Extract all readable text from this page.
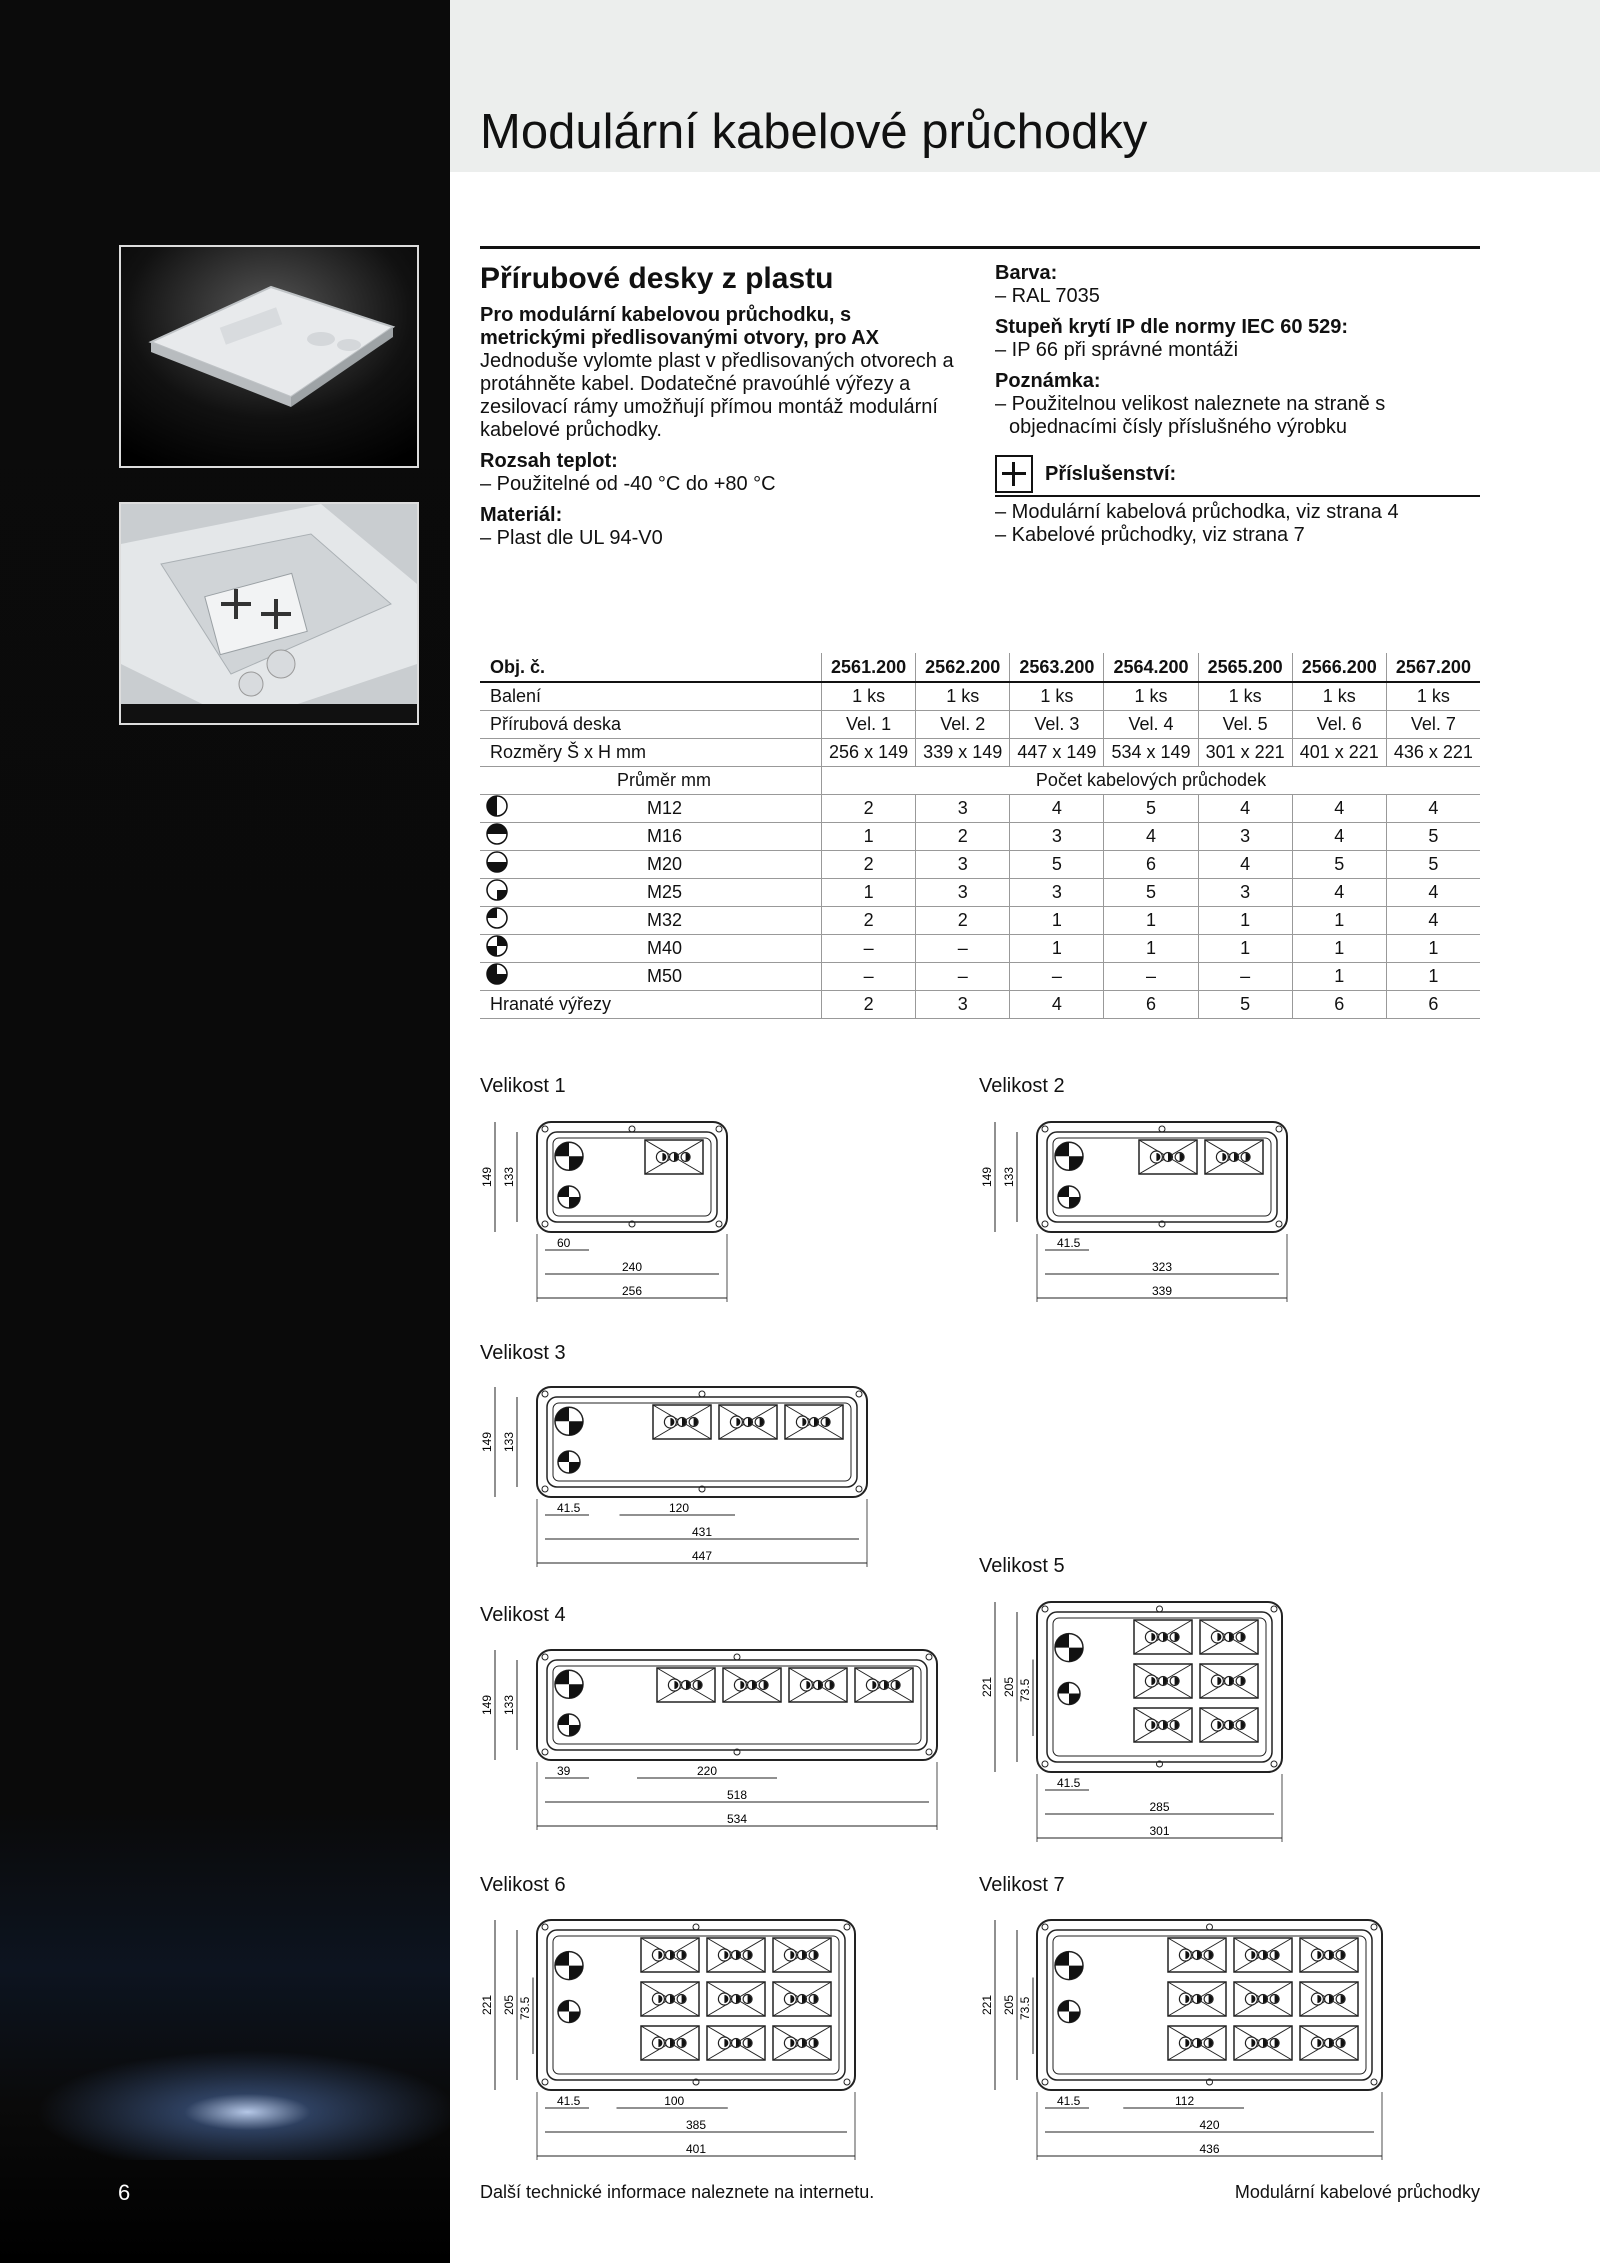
6
Modulární kabelové průchodky
Přírubové desky z plastu
Pro modulární kabelovou průchodku, s metrickými předlisovanými otvory, pro AX
Jednoduše vylomte plast v předlisovaných otvorech a protáhněte kabel. Dodatečné pravoúhlé výřezy a zesilovací rámy umožňují přímou montáž modulární kabelové průchodky.
Rozsah teplot:
– Použitelné od -40 °C do +80 °C
Materiál:
– Plast dle UL 94-V0
Barva:
– RAL 7035
Stupeň krytí IP dle normy IEC 60 529:
– IP 66 při správné montáži
Poznámka:
– Použitelnou velikost naleznete na straně s objednacími čísly příslušného výrobku
Příslušenství:
– Modulární kabelová průchodka, viz strana 4
– Kabelové průchodky, viz strana 7
Obj. č.		2561.200	2562.200	2563.200	2564.200	2565.200	2566.200	2567.200
Balení		1 ks	1 ks	1 ks	1 ks	1 ks	1 ks	1 ks
Přírubová deska		Vel. 1	Vel. 2	Vel. 3	Vel. 4	Vel. 5	Vel. 6	Vel. 7
Rozměry Š x H mm		256 x 149	339 x 149	447 x 149	534 x 149	301 x 221	401 x 221	436 x 221
	Průměr mm	Počet kabelových průchodek						
	M12	2	3	4	5	4	4	4
	M16	1	2	3	4	3	4	5
	M20	2	3	5	6	4	5	5
	M25	1	3	3	5	3	4	4
	M32	2	2	1	1	1	1	4
	M40	–	–	1	1	1	1	1
	M50	–	–	–	–	–	1	1
Hranaté výřezy		2	3	4	6	5	6	6
Velikost 1
149 133
60
240
256
Velikost 2
149 133
41.5
323
339
Velikost 3
149 133
41.5	120
431
447
Velikost 4
149 133
39	220
518
534
Velikost 5
221 205 73.5
41.5
285
301
Velikost 6
221 205 73.5
41.5	100
385
401
Velikost 7
221 205 73.5
41.5	112
420
436
Další technické informace naleznete na internetu.	Modulární kabelové průchodky
